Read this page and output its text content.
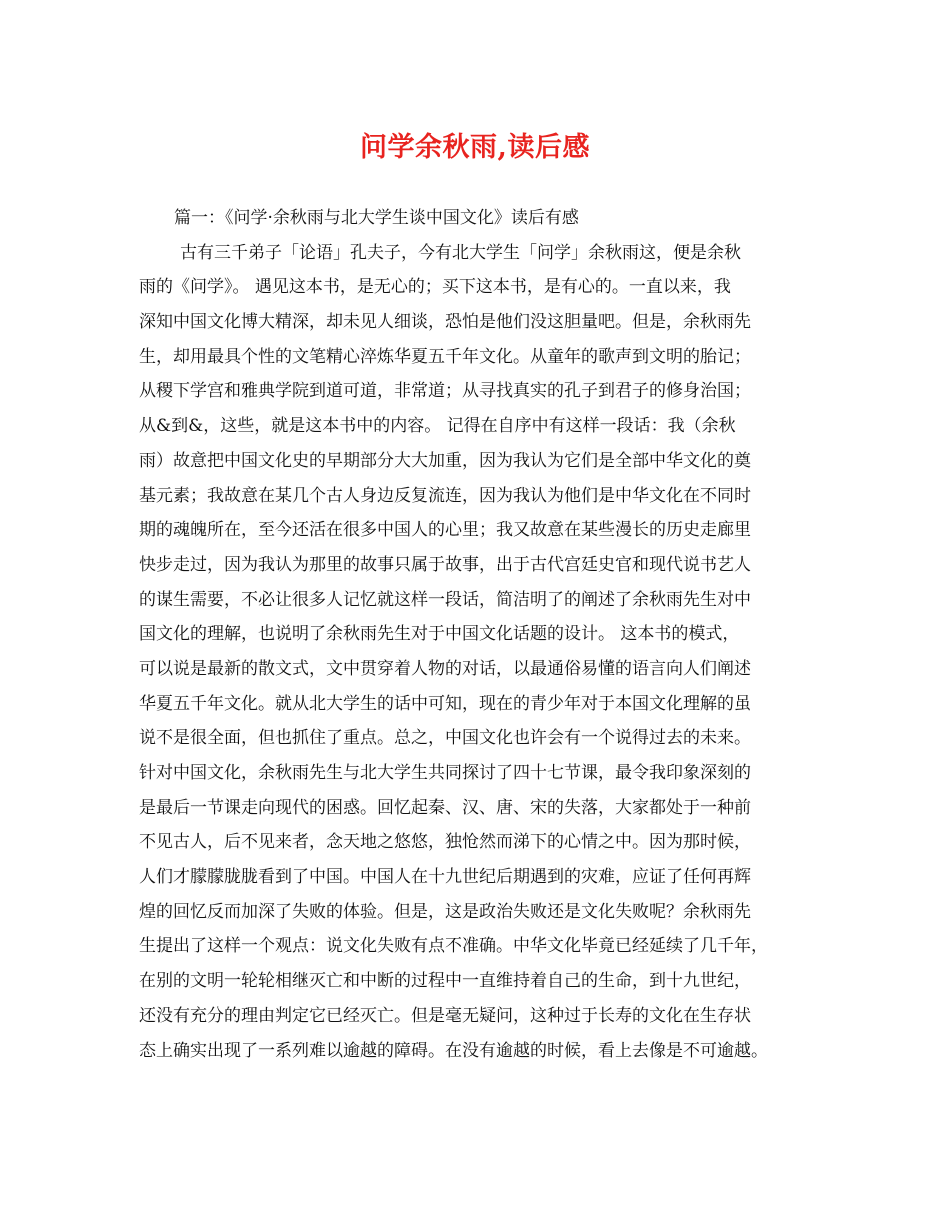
问学余秋雨,读后感
篇一：《问学·余秋雨与北大学生谈中国文化》读后有感
古有三千弟子「论语」孔夫子，今有北大学生「问学」余秋雨这，便是余秋
雨的《问学》。 遇见这本书，是无心的；买下这本书，是有心的。一直以来，我
深知中国文化博大精深，却未见人细谈，恐怕是他们没这胆量吧。但是，余秋雨先
生，却用最具个性的文笔精心淬炼华夏五千年文化。从童年的歌声到文明的胎记；
从稷下学宫和雅典学院到道可道，非常道；从寻找真实的孔子到君子的修身治国；
从&到&，这些，就是这本书中的内容。 记得在自序中有这样一段话：我（余秋
雨）故意把中国文化史的早期部分大大加重，因为我认为它们是全部中华文化的奠
基元素；我故意在某几个古人身边反复流连，因为我认为他们是中华文化在不同时
期的魂魄所在，至今还活在很多中国人的心里；我又故意在某些漫长的历史走廊里
快步走过，因为我认为那里的故事只属于故事，出于古代宫廷史官和现代说书艺人
的谋生需要，不必让很多人记忆就这样一段话，简洁明了的阐述了余秋雨先生对中
国文化的理解，也说明了余秋雨先生对于中国文化话题的设计。 这本书的模式，
可以说是最新的散文式，文中贯穿着人物的对话，以最通俗易懂的语言向人们阐述
华夏五千年文化。就从北大学生的话中可知，现在的青少年对于本国文化理解的虽
说不是很全面，但也抓住了重点。总之，中国文化也许会有一个说得过去的未来。
针对中国文化，余秋雨先生与北大学生共同探讨了四十七节课，最令我印象深刻的
是最后一节课走向现代的困惑。回忆起秦、汉、唐、宋的失落，大家都处于一种前
不见古人，后不见来者，念天地之悠悠，独怆然而涕下的心情之中。因为那时候，
人们才朦朦胧胧看到了中国。中国人在十九世纪后期遇到的灾难，应证了任何再辉
煌的回忆反而加深了失败的体验。但是，这是政治失败还是文化失败呢？余秋雨先
生提出了这样一个观点：说文化失败有点不准确。中华文化毕竟已经延续了几千年，
在别的文明一轮轮相继灭亡和中断的过程中一直维持着自己的生命，到十九世纪，
还没有充分的理由判定它已经灭亡。但是毫无疑问，这种过于长寿的文化在生存状
态上确实出现了一系列难以逾越的障碍。在没有逾越的时候，看上去像是不可逾越。
